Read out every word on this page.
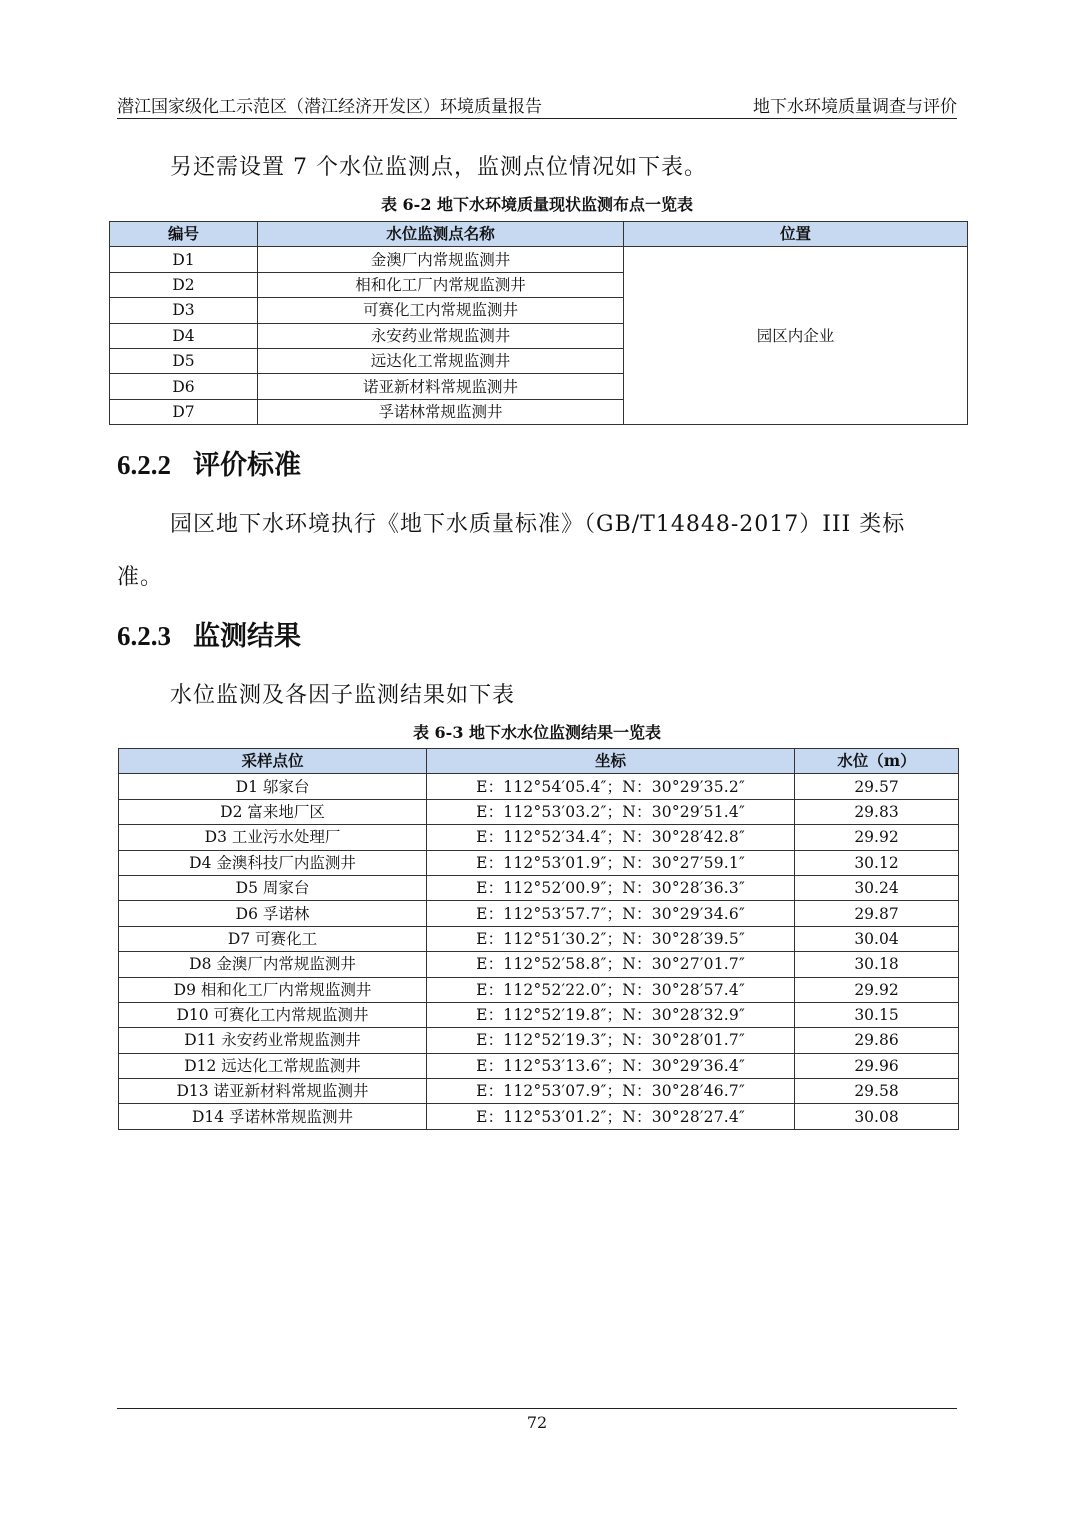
潜江国家级化工示范区（潜江经济开发区）环境质量报告	地下水环境质量调查与评价
另还需设置 7 个水位监测点，监测点位情况如下表。
表 6-2 地下水环境质量现状监测布点一览表
编号	水位监测点名称	位置
D1	金澳厂内常规监测井	园区内企业
D2	相和化工厂内常规监测井	
D3	可赛化工内常规监测井	
D4	永安药业常规监测井	
D5	远达化工常规监测井	
D6	诺亚新材料常规监测井	
D7	孚诺林常规监测井	
6.2.2 评价标准
园区地下水环境执行《地下水质量标准》（GB/T14848-2017）III 类标
准。
6.2.3 监测结果
水位监测及各因子监测结果如下表
表 6-3 地下水水位监测结果一览表
采样点位	坐标	水位（m）
D1 邬家台	E：112°54′05.4″；N：30°29′35.2″	29.57
D2 富来地厂区	E：112°53′03.2″；N：30°29′51.4″	29.83
D3 工业污水处理厂	E：112°52′34.4″；N：30°28′42.8″	29.92
D4 金澳科技厂内监测井	E：112°53′01.9″；N：30°27′59.1″	30.12
D5 周家台	E：112°52′00.9″；N：30°28′36.3″	30.24
D6 孚诺林	E：112°53′57.7″；N：30°29′34.6″	29.87
D7 可赛化工	E：112°51′30.2″；N：30°28′39.5″	30.04
D8 金澳厂内常规监测井	E：112°52′58.8″；N：30°27′01.7″	30.18
D9 相和化工厂内常规监测井	E：112°52′22.0″；N：30°28′57.4″	29.92
D10 可赛化工内常规监测井	E：112°52′19.8″；N：30°28′32.9″	30.15
D11 永安药业常规监测井	E：112°52′19.3″；N：30°28′01.7″	29.86
D12 远达化工常规监测井	E：112°53′13.6″；N：30°29′36.4″	29.96
D13 诺亚新材料常规监测井	E：112°53′07.9″；N：30°28′46.7″	29.58
D14 孚诺林常规监测井	E：112°53′01.2″；N：30°28′27.4″	30.08
72
